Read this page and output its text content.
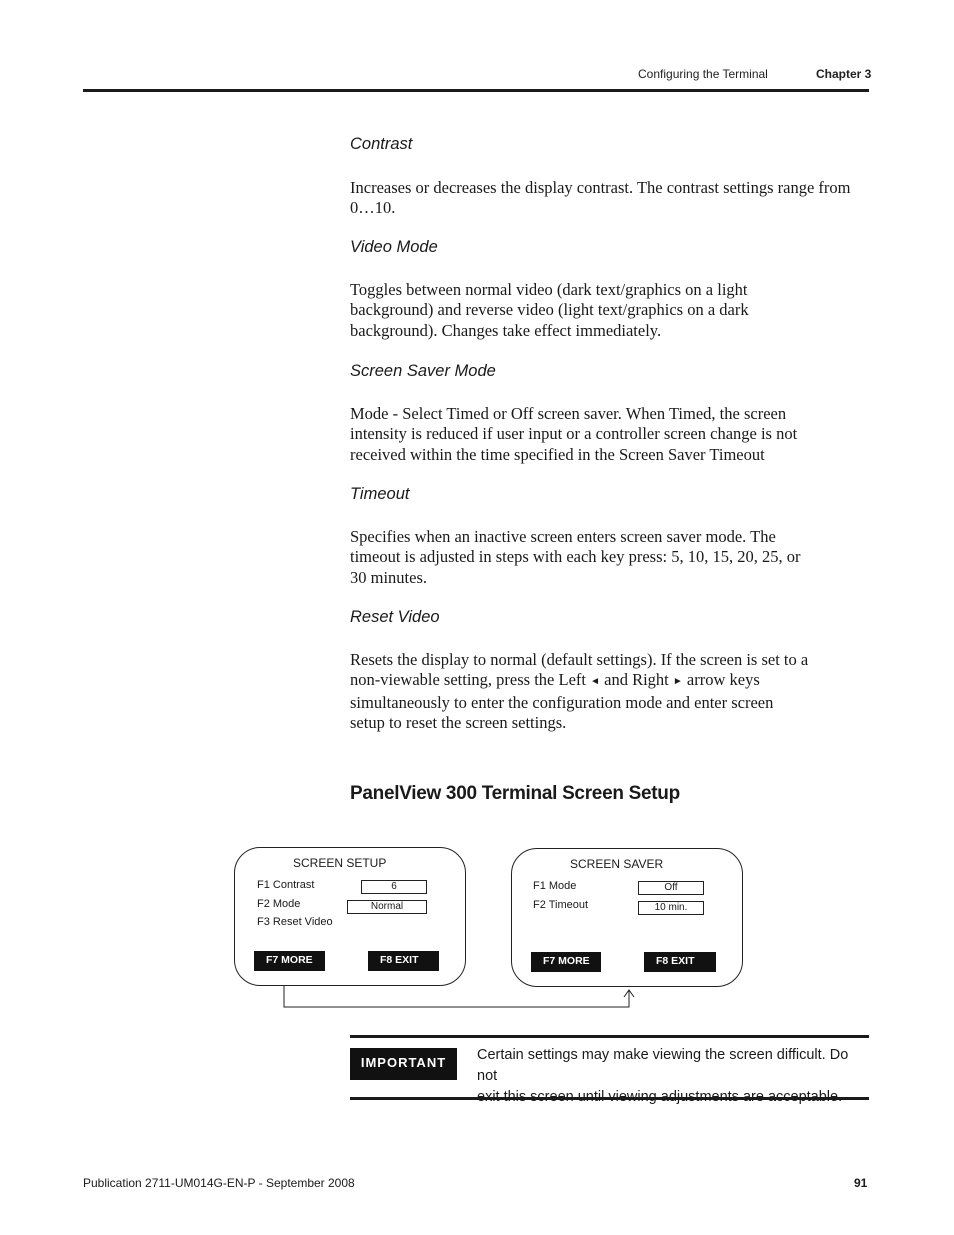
Configuring the Terminal	Chapter 3
Contrast

Increases or decreases the display contrast. The contrast settings range from 0…10.

Video Mode
Toggles between normal video (dark text/graphics on a light
background) and reverse video (light text/graphics on a dark
background). Changes take effect immediately.
Screen Saver Mode
Mode - Select Timed or Off screen saver. When Timed, the screen
intensity is reduced if user input or a controller screen change is not
received within the time specified in the Screen Saver Timeout
Timeout
Specifies when an inactive screen enters screen saver mode. The
timeout is adjusted in steps with each key press: 5, 10, 15, 20, 25, or
30 minutes.
Reset Video
Resets the display to normal (default settings). If the screen is set to a
non-viewable setting, press the Left ◄ and Right ► arrow keys
simultaneously to enter the configuration mode and enter screen
setup to reset the screen settings.
PanelView 300 Terminal Screen Setup
SCREEN SETUP
F1 Contrast	6
F2 Mode	Normal
F3 Reset Video
F7 MORE	F8 EXIT
SCREEN SAVER
F1 Mode	Off
F2 Timeout	10 min.
F7 MORE	F8 EXIT
IMPORTANT	Certain settings may make viewing the screen difficult. Do not
Publication 2711-UM014G-EN-P - September 2008	91
